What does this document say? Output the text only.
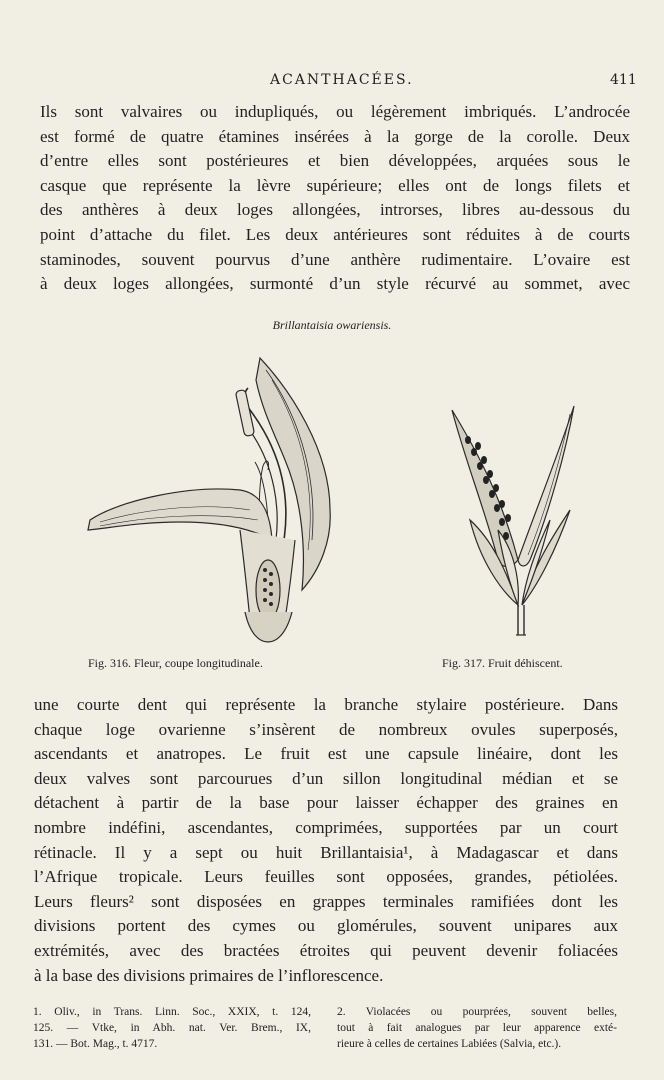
ACANTHACÉES.	411
Ils sont valvaires ou indupliqués, ou légèrement imbriqués. L’androcée
est formé de quatre étamines insérées à la gorge de la corolle. Deux
d’entre elles sont postérieures et bien développées, arquées sous le
casque que représente la lèvre supérieure; elles ont de longs filets et
des anthères à deux loges allongées, introrses, libres au-dessous du
point d’attache du filet. Les deux antérieures sont réduites à de courts
staminodes, souvent pourvus d’une anthère rudimentaire. L’ovaire est
à deux loges allongées, surmonté d’un style récurvé au sommet, avec
Brillantaisia owariensis.
Fig. 316. Fleur, coupe longitudinale.	Fig. 317. Fruit déhiscent.
une courte dent qui représente la branche stylaire postérieure. Dans
chaque loge ovarienne s’insèrent de nombreux ovules superposés,
ascendants et anatropes. Le fruit est une capsule linéaire, dont les
deux valves sont parcourues d’un sillon longitudinal médian et se
détachent à partir de la base pour laisser échapper des graines en
nombre indéfini, ascendantes, comprimées, supportées par un court
rétinacle. Il y a sept ou huit Brillantaisia¹, à Madagascar et dans
l’Afrique tropicale. Leurs feuilles sont opposées, grandes, pétiolées.
Leurs fleurs² sont disposées en grappes terminales ramifiées dont les
divisions portent des cymes ou glomérules, souvent unipares aux
extrémités, avec des bractées étroites qui peuvent devenir foliacées
à la base des divisions primaires de l’inflorescence.
1. Oliv., in Trans. Linn. Soc., XXIX, t. 124,
125. — Vtke, in Abh. nat. Ver. Brem., IX,
131. — Bot. Mag., t. 4717.
2. Violacées ou pourprées, souvent belles,
tout à fait analogues par leur apparence exté-
rieure à celles de certaines Labiées (Salvia, etc.).
